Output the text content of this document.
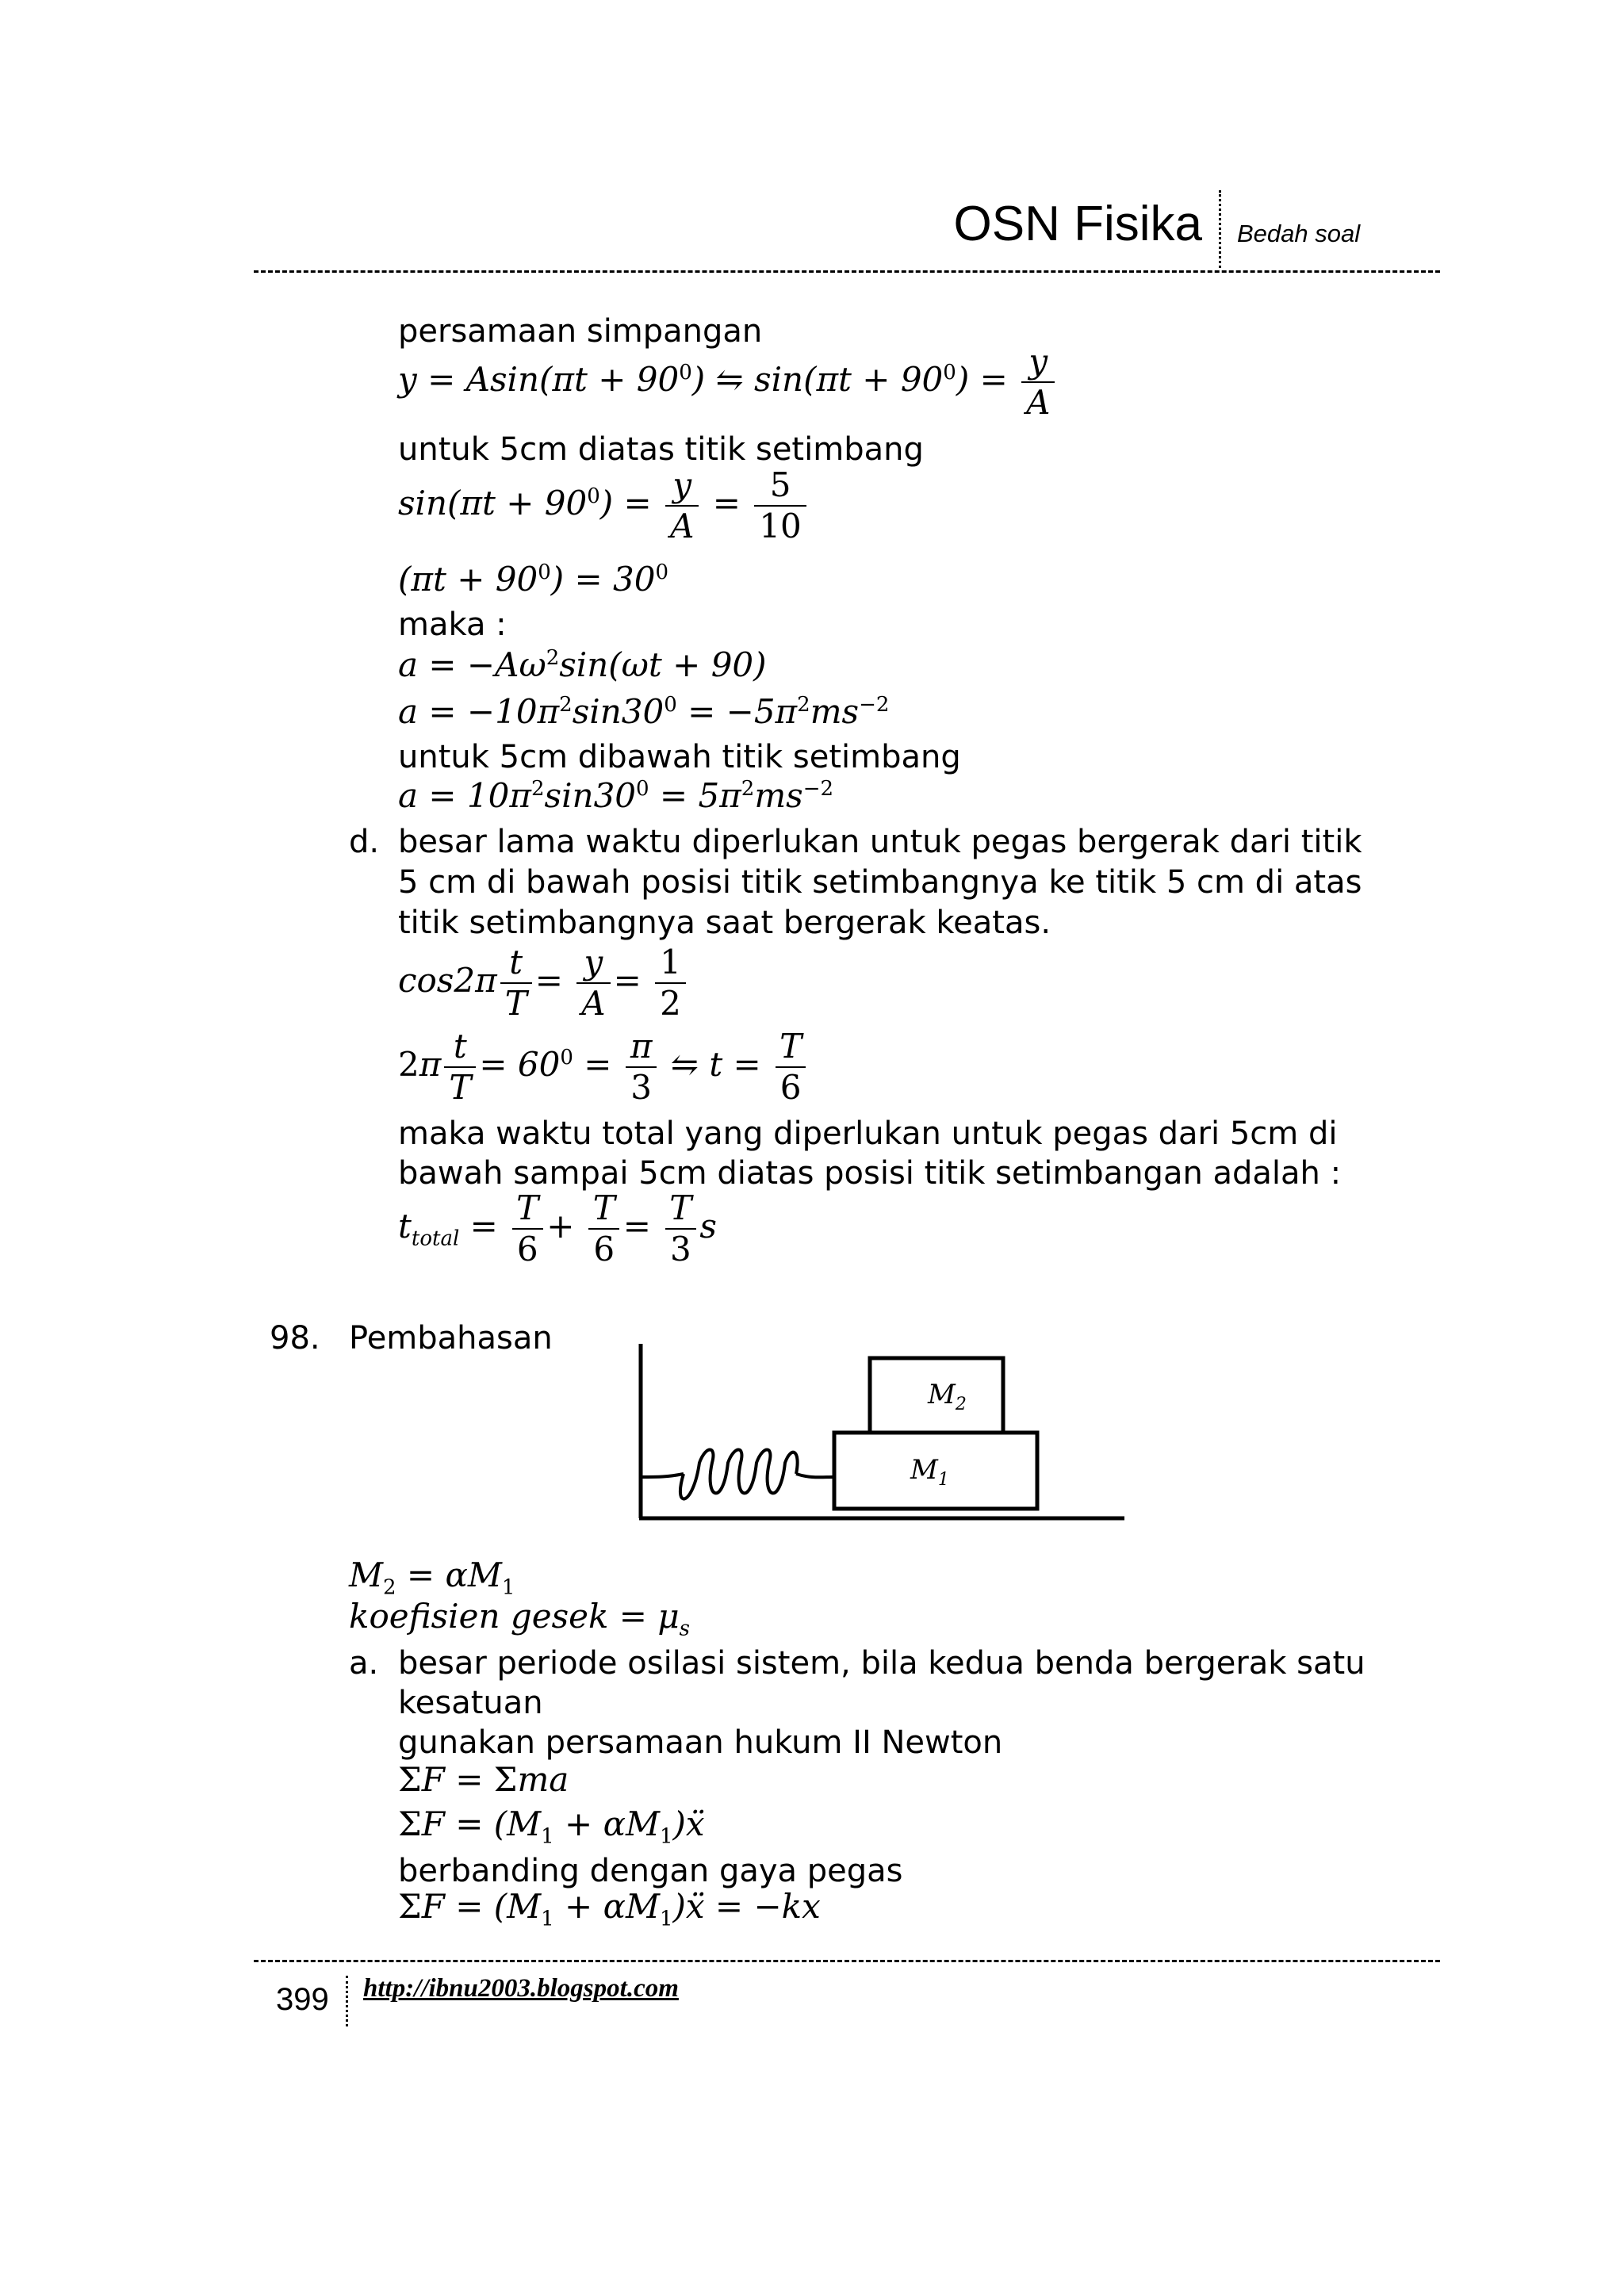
OSN Fisika Bedah soal
persamaan simpangan
$y = Asin(\pi t + 90^0)$ ⇋ $\sin(\pi t + 90^0) = \frac{y}{A}$
untuk 5cm diatas titik setimbang
$\sin(\pi t + 90^0) = \frac{y}{A} = \frac{5}{10}$
$(\pi t + 90^0) = 30^0$
maka :
$a = -A\omega^2\sin(\omega t + 90)$
$a = -10\pi^2\sin 30^0 = -5\pi^2ms^{-2}$
untuk 5cm dibawah titik setimbang
$a = 10\pi^2\sin 30^0 = 5\pi^2ms^{-2}$
d. besar lama waktu diperlukan untuk pegas bergerak dari titik
5 cm di bawah posisi titik setimbangnya ke titik 5 cm di atas
titik setimbangnya saat bergerak keatas.
$\cos 2\pi \frac{t}{T} = \frac{y}{A} = \frac{1}{2}$
$2\pi \frac{t}{T} = 60^0 = \frac{\pi}{3}$ ⇋ $t = \frac{T}{6}$
maka waktu total yang diperlukan untuk pegas dari 5cm di
bawah sampai 5cm diatas posisi titik setimbangan adalah :
$t_{total} = \frac{T}{6} + \frac{T}{6} = \frac{T}{3}$ s
98. Pembahasan
$M_2$
$M_1$
$M_2 = \alpha M_1$
koefisien gesek = $\mu_s$
a. besar periode osilasi sistem, bila kedua benda bergerak satu
kesatuan
gunakan persamaan hukum II Newton
ΣF = Σma
$\Sigma F = (M_1$ + $\alpha M_1)ẍ$
berbanding dengan gaya pegas
$\Sigma F = (M_1$ + $\alpha M_1)ẍ = -kx$
399 http://ibnu2003.blogspot.com
